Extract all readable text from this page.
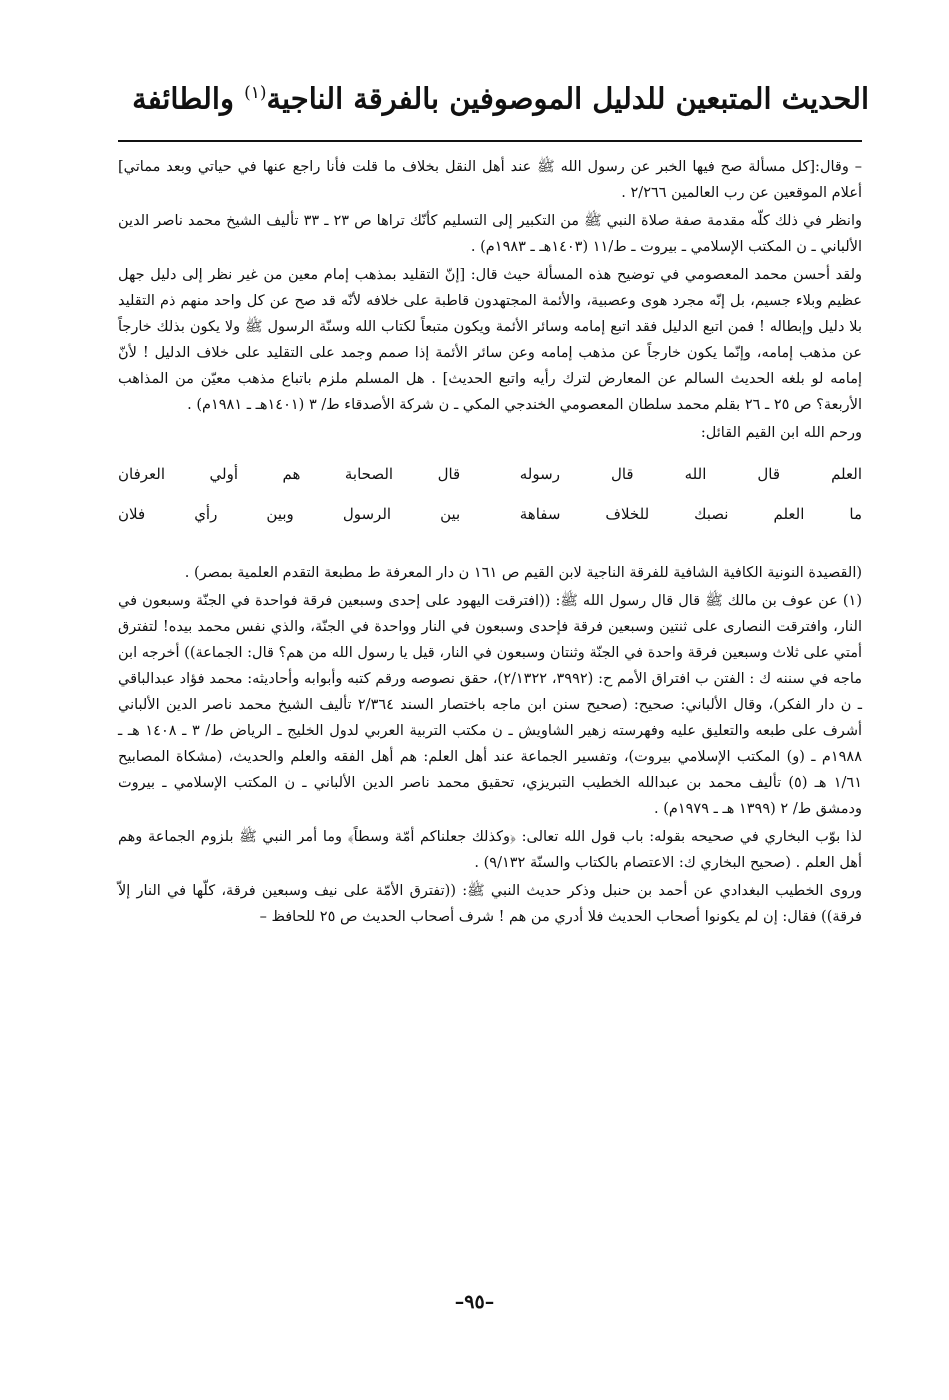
الحديث المتبعين للدليل الموصوفين بالفرقة الناجية$^{(١)}$ والطائفة

– وقال:[كل مسألة صح فيها الخبر عن رسول الله ﷺ عند أهل النقل بخلاف ما قلت فأنا راجع عنها في حياتي وبعد مماتي] أعلام الموقعين عن رب العالمين ٢/٢٦٦ .

وانظر في ذلك كلّه مقدمة صفة صلاة النبي ﷺ من التكبير إلى التسليم كأنّك تراها ص ٢٣ ـ ٣٣ تأليف الشيخ محمد ناصر الدين الألباني ـ ن المكتب الإسلامي ـ بيروت ـ ط/١١ (١٤٠٣هـ ـ ١٩٨٣م) .

ولقد أحسن محمد المعصومي في توضيح هذه المسألة حيث قال: [إنّ التقليد بمذهب إمام معين من غير نظر إلى دليل جهل عظيم وبلاء جسيم، بل إنّه مجرد هوى وعصبية، والأئمة المجتهدون قاطبة على خلافه لأنّه قد صح عن كل واحد منهم ذم التقليد بلا دليل وإبطاله ! فمن اتبع الدليل فقد اتبع إمامه وسائر الأئمة ويكون متبعاً لكتاب الله وسنّة الرسول ﷺ ولا يكون بذلك خارجاً عن مذهب إمامه، وإنّما يكون خارجاً عن مذهب إمامه وعن سائر الأئمة إذا صمم وجمد على التقليد على خلاف الدليل ! لأنّ إمامه لو بلغه الحديث السالم عن المعارض لترك رأيه واتبع الحديث] . هل المسلم ملزم باتباع مذهب معيّن من المذاهب الأربعة؟ ص ٢٥ ـ ٢٦ بقلم محمد سلطان المعصومي الخندجي المكي ـ ن شركة الأصدقاء ط/ ٣ (١٤٠١هـ ـ ١٩٨١م) .

ورحم الله ابن القيم القائل:

العلم قال الله قال رسوله
قال الصحابة هم أولي العرفان
ما العلم نصبك للخلاف سفاهة
بين الرسول وبين رأي فلان

(القصيدة النونية الكافية الشافية للفرقة الناجية لابن القيم ص ١٦١ ن دار المعرفة ط مطبعة التقدم العلمية بمصر) .

(١) عن عوف بن مالك ﷺ قال قال رسول الله ﷺ: ((افترقت اليهود على إحدى وسبعين فرقة فواحدة في الجنّة وسبعون في النار، وافترقت النصارى على ثنتين وسبعين فرقة فإحدى وسبعون في النار وواحدة في الجنّة، والذي نفس محمد بيده! لتفترق أمتي على ثلاث وسبعين فرقة واحدة في الجنّة وثنتان وسبعون في النار، قيل يا رسول الله من هم؟ قال: الجماعة)) أخرجه ابن ماجه في سننه ك : الفتن ب افتراق الأمم ح: (٣٩٩٢، ٢/١٣٢٢)، حقق نصوصه ورقم كتبه وأبوابه وأحاديثه: محمد فؤاد عبدالباقي ـ ن دار الفكر)، وقال الألباني: صحيح: (صحيح سنن ابن ماجه باختصار السند ٢/٣٦٤ تأليف الشيخ محمد ناصر الدين الألباني أشرف على طبعه والتعليق عليه وفهرسته زهير الشاويش ـ ن مكتب التربية العربي لدول الخليج ـ الرياض ط/ ٣ ـ ١٤٠٨ هـ ـ ١٩٨٨م ـ (و) المكتب الإسلامي بيروت)، وتفسير الجماعة عند أهل العلم: هم أهل الفقه والعلم والحديث، (مشكاة المصابيح ١/٦١ هـ (٥) تأليف محمد بن عبدالله الخطيب التبريزي، تحقيق محمد ناصر الدين الألباني ـ ن المكتب الإسلامي ـ بيروت ودمشق ط/ ٢ (١٣٩٩ هـ ـ ١٩٧٩م) .

لذا بوّب البخاري في صحيحه بقوله: باب قول الله تعالى: ﴿وكذلك جعلناكم أمّة وسطاً﴾ وما أمر النبي ﷺ بلزوم الجماعة وهم أهل العلم . (صحيح البخاري ك: الاعتصام بالكتاب والسنّة ٩/١٣٢) .

وروى الخطيب البغدادي عن أحمد بن حنبل وذكر حديث النبي ﷺ: ((تفترق الأمّة على نيف وسبعين فرقة، كلّها في النار إلاّ فرقة)) فقال: إن لم يكونوا أصحاب الحديث فلا أدري من هم ! شرف أصحاب الحديث ص ٢٥ للحافظ –

–٩٥–
